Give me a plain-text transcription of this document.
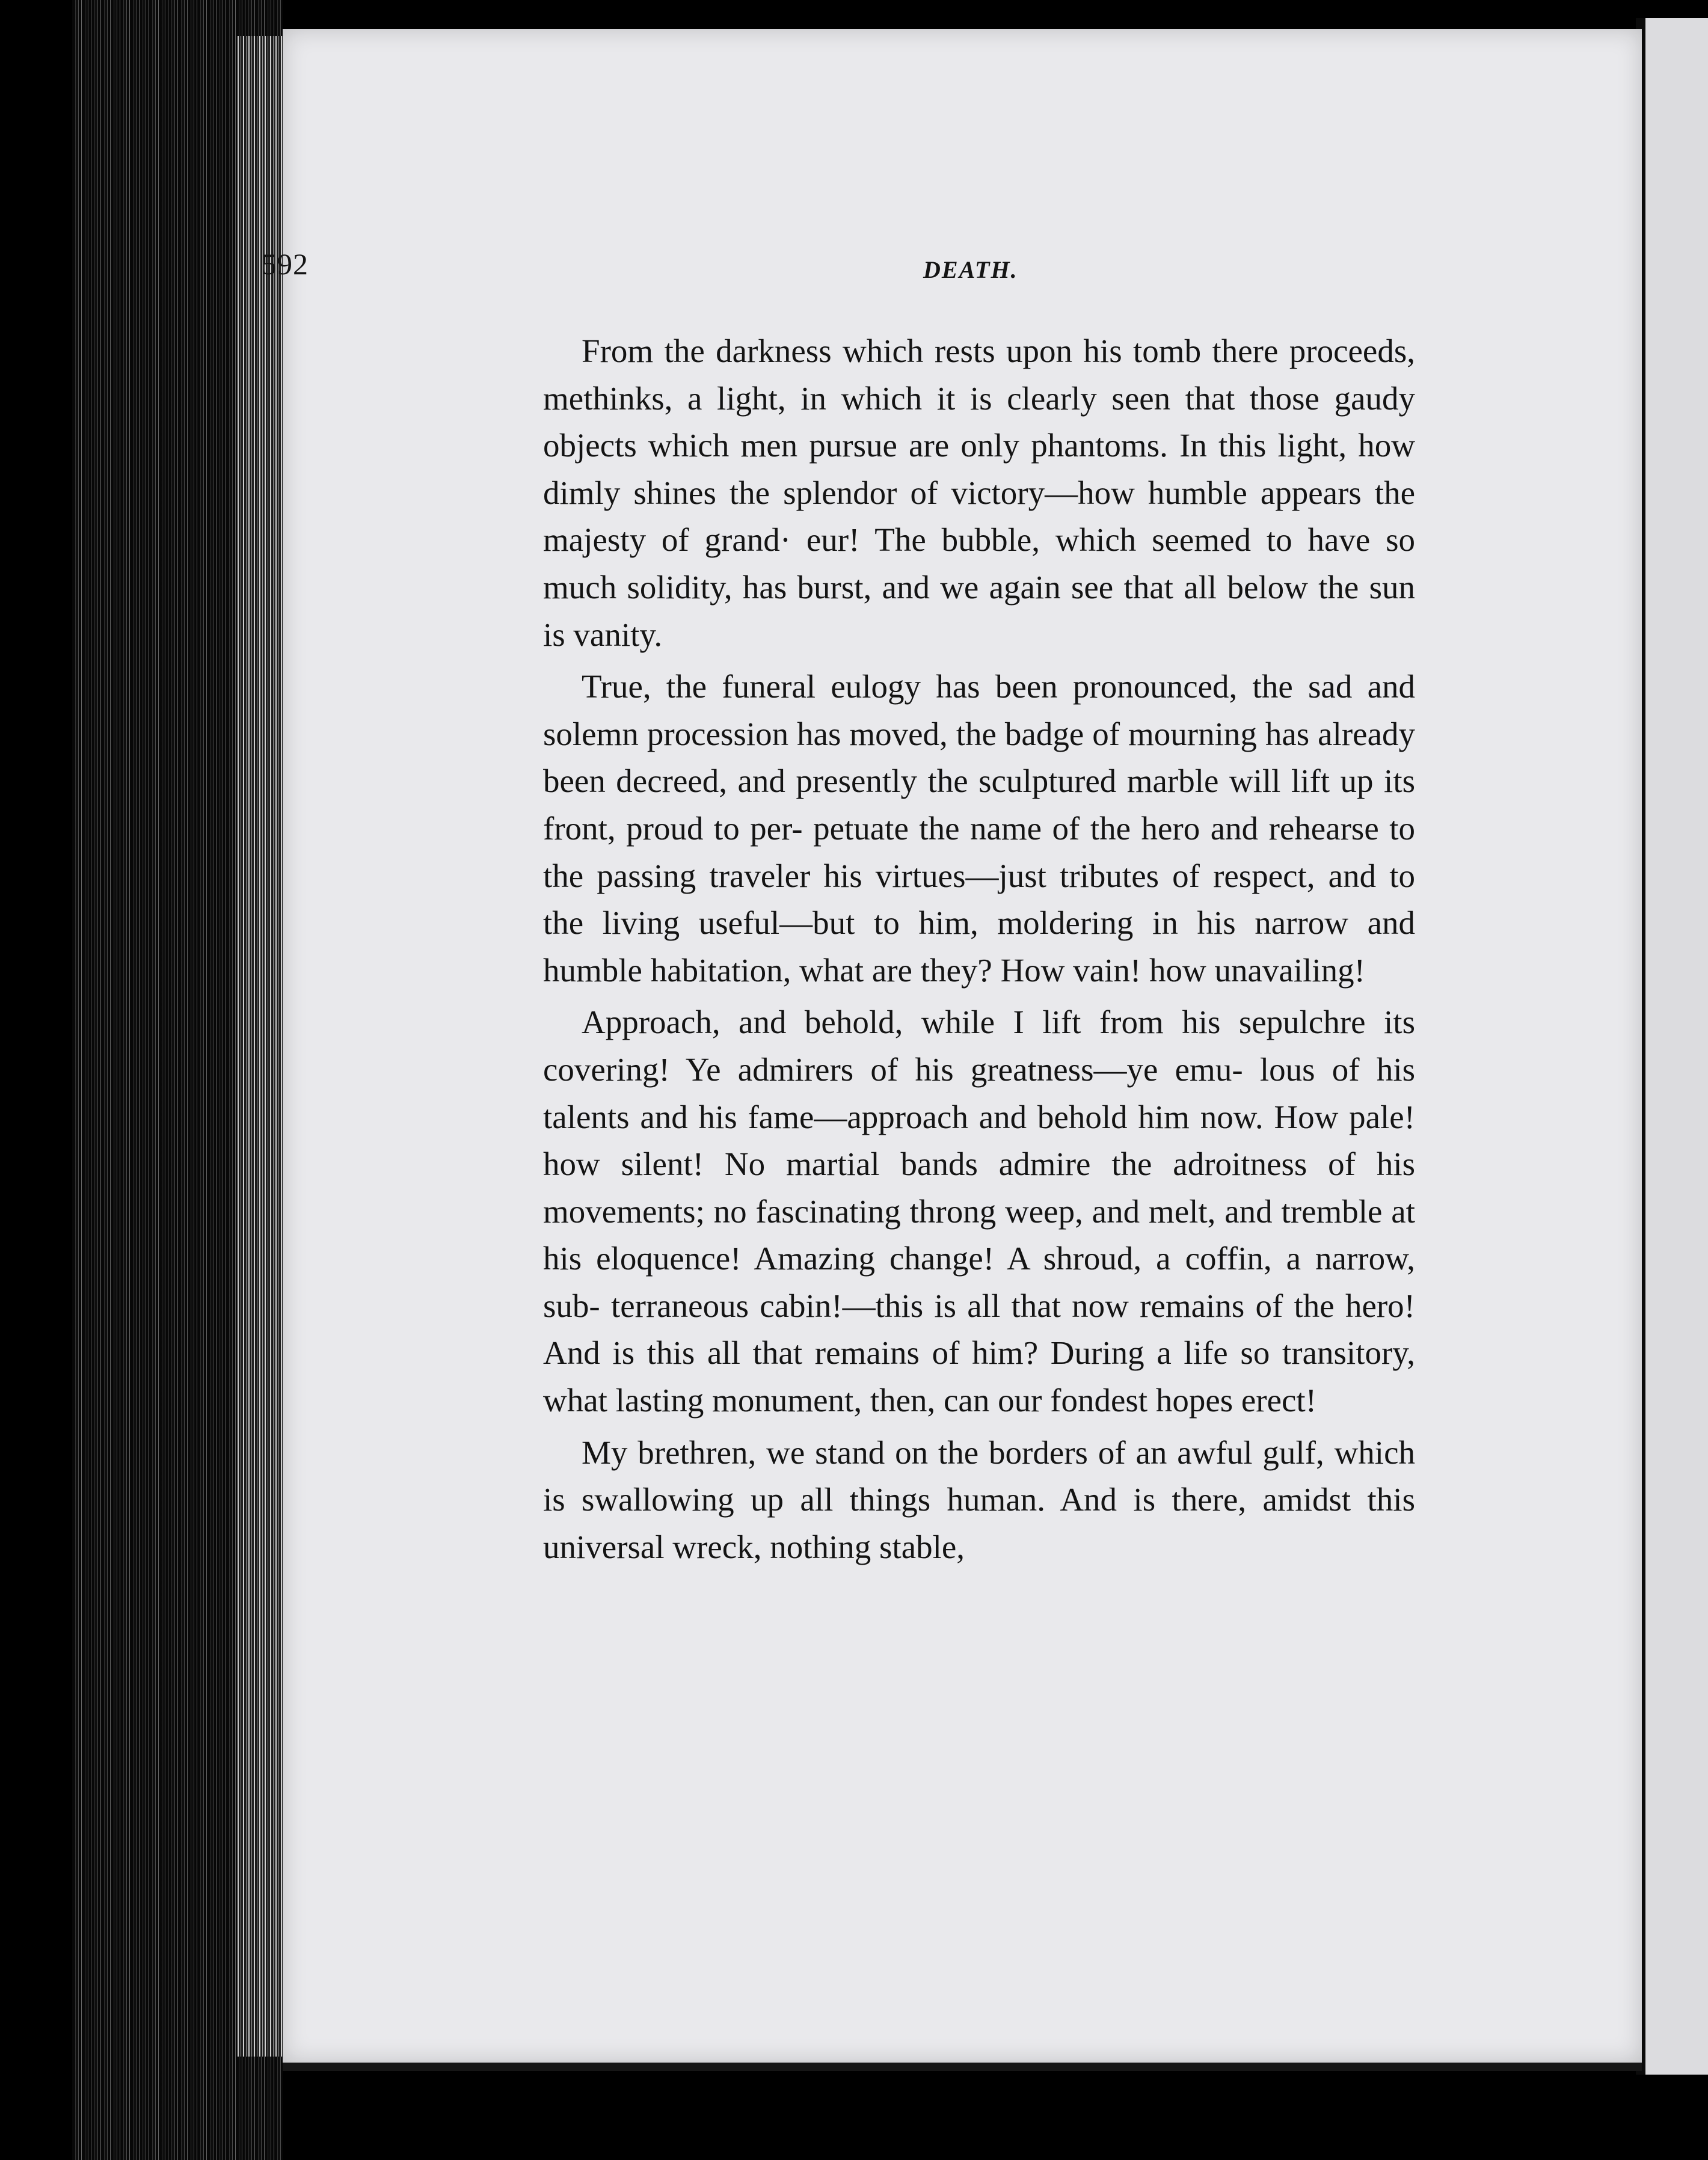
592	DEATH.

From the darkness which rests upon his tomb there proceeds, methinks, a light, in which it is clearly seen that those gaudy objects which men pursue are only phantoms. In this light, how dimly shines the splendor of victory—how humble appears the majesty of grand· eur! The bubble, which seemed to have so much solidity, has burst, and we again see that all below the sun is vanity.

True, the funeral eulogy has been pronounced, the sad and solemn procession has moved, the badge of mourning has already been decreed, and presently the sculptured marble will lift up its front, proud to per- petuate the name of the hero and rehearse to the passing traveler his virtues—just tributes of respect, and to the living useful—but to him, moldering in his narrow and humble habitation, what are they? How vain! how unavailing!

Approach, and behold, while I lift from his sepulchre its covering! Ye admirers of his greatness—ye emu- lous of his talents and his fame—approach and behold him now. How pale! how silent! No martial bands admire the adroitness of his movements; no fascinating throng weep, and melt, and tremble at his eloquence! Amazing change! A shroud, a coffin, a narrow, sub- terraneous cabin!—this is all that now remains of the hero! And is this all that remains of him? During a life so transitory, what lasting monument, then, can our fondest hopes erect!

My brethren, we stand on the borders of an awful gulf, which is swallowing up all things human. And is there, amidst this universal wreck, nothing stable,
